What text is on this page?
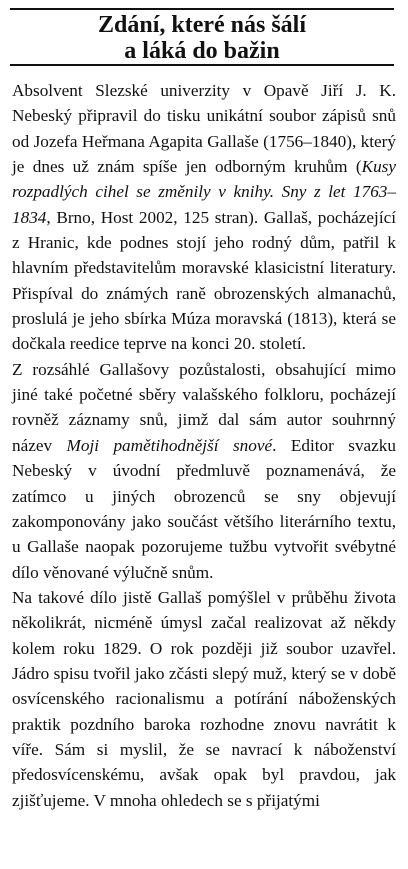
Zdání, které nás šálí
a láká do bažin

Absolvent Slezské univerzity v Opavě Jiří J. K. Nebeský připravil do tisku unikátní soubor zápisů snů od Jozefa Heřmana Agapita Gallaše (1756–1840), který je dnes už znám spíše jen odborným kruhům (Kusy rozpadlých cihel se změnily v knihy. Sny z let 1763–1834, Brno, Host 2002, 125 stran). Gallaš, pocházející z Hranic, kde podnes stojí jeho rodný dům, patřil k hlavním představitelům moravské klasicistní literatury. Přispíval do známých raně obrozenských almanachů, proslulá je jeho sbírka Múza moravská (1813), která se dočkala reedice teprve na konci 20. století.

Z rozsáhlé Gallašovy pozůstalosti, obsahující mimo jiné také početné sběry valašského folkloru, pocházejí rovněž záznamy snů, jimž dal sám autor souhrnný název Moji pamětihodnější snové. Editor svazku Nebeský v úvodní předmluvě poznamenává, že zatímco u jiných obrozenců se sny objevují zakomponovány jako součást většího literárního textu, u Gallaše naopak pozorujeme tužbu vytvořit svébytné dílo věnované výlučně snům.

Na takové dílo jistě Gallaš pomýšlel v průběhu života několikrát, nicméně úmysl začal realizovat až někdy kolem roku 1829. O rok později již soubor uzavřel. Jádro spisu tvořil jako zčásti slepý muž, který se v době osvícenského racionalismu a potírání náboženských praktik pozdního baroka rozhodne znovu navrátit k víře. Sám si myslil, že se navrací k náboženství předosvícenskému, avšak opak byl pravdou, jak zjišťujeme. V mnoha ohledech se s přijatými
